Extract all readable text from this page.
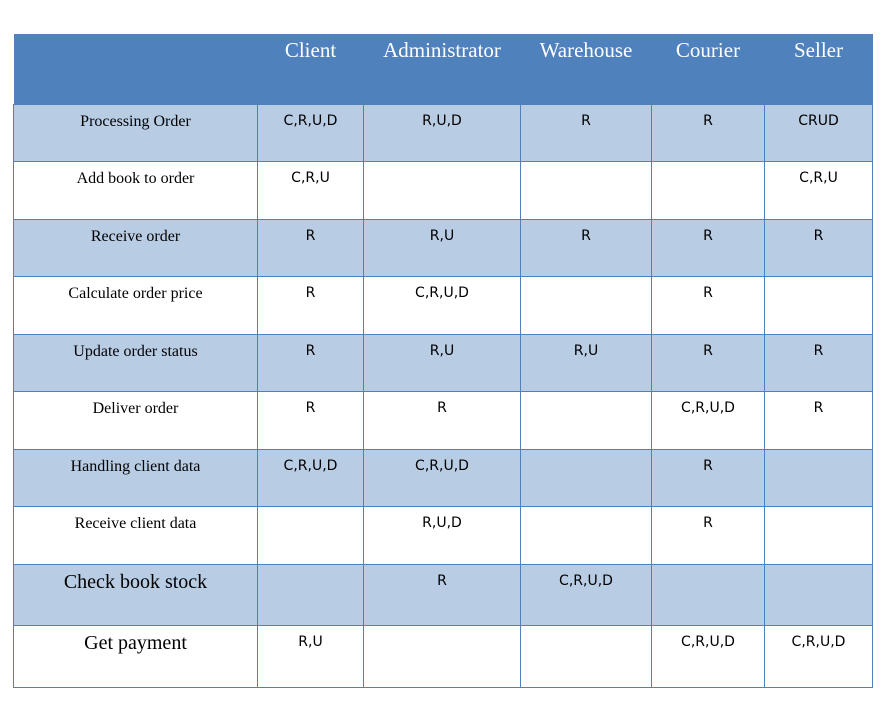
	Client	Administrator	Warehouse	Courier	Seller
Processing Order	C,R,U,D	R,U,D	R	R	CRUD
Add book to order	C,R,U				C,R,U
Receive order	R	R,U	R	R	R
Calculate order price	R	C,R,U,D		R	
Update order status	R	R,U	R,U	R	R
Deliver order	R	R		C,R,U,D	R
Handling client data	C,R,U,D	C,R,U,D		R	
Receive client data		R,U,D		R	
Check book stock		R	C,R,U,D		
Get payment	R,U			C,R,U,D	C,R,U,D
